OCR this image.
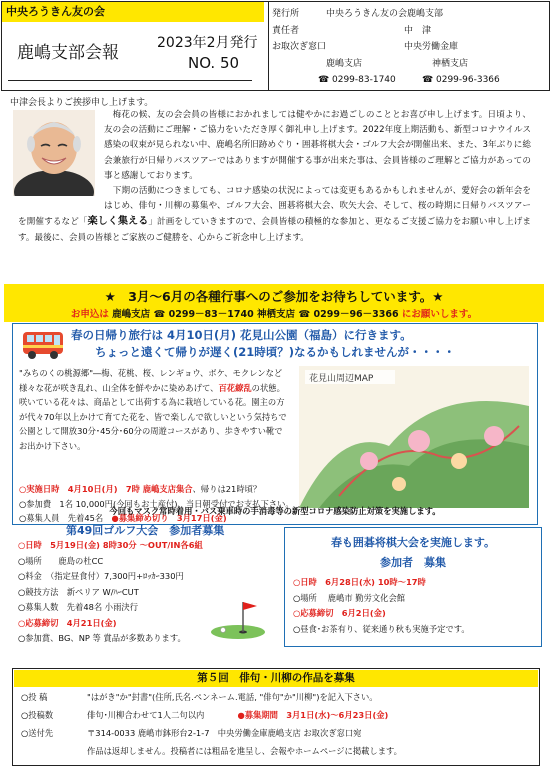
中央ろうきん友の会
鹿嶋支部会報	2023年2月発行
NO. 50
発行所	中央ろうきん友の会鹿嶋支部
責任者	中　津
お取次ぎ窓口	中央労働金庫
鹿嶋支店	神栖支店
☎ 0299-83-1740	☎ 0299-96-3366
中津会長よりご挨拶申し上げます。

梅花の候、友の会会員の皆様におかれましては健やかにお過ごしのこととお喜び申し上げます。日頃より、友の会の活動にご理解・ご協力をいただき厚く御礼申し上げます。2022年度上期活動も、新型コロナウイルス感染の収束が見られない中、鹿嶋名所旧跡めぐり・囲碁将棋大会・ゴルフ大会が開催出来、また、3年ぶりに総会兼旅行が日帰りバスツアーではありますが開催する事が出来た事は、会員皆様のご理解とご協力があっての事と感謝しております。

　下期の活動につきましても、コロナ感染の状況によっては変更もあるかもしれませんが、愛好会の新年会をはじめ、俳句・川柳の募集や、ゴルフ大会、囲碁将棋大会、吹矢大会、そして、桜の時期に日帰りバスツアーを開催するなど「楽しく集える」計画をしていきますので、会員皆様の積極的な参加と、更なるご支援ご協力をお願い申し上げます。最後に、会員の皆様とご家族のご健勝を、心からご祈念申し上げます。

★　3月～6月の各種行事へのご参加をお待ちしています。★
お申込は 鹿嶋支店 ☎ 0299－83－1740 神栖支店 ☎ 0299－96－3366 にお願いします。
春の日帰り旅行は 4月10日(月) 花見山公園（福島）に行きます。
ちょっと遠くて帰りが遅く(21時頃？)なるかもしれませんが・・・・

"みちのくの桃源郷"―梅、花桃、桜、レンギョウ、ボケ、モクレンなど様々な花が咲き乱れ、山全体を鮮やかに染めあげて、百花繚乱の状態。咲いている花々は、商品として出荷する為に栽培している花。園主の方が代々70年以上かけて育てた花を、皆で楽しんで欲しいという気持ちで公園として開放30分･45分･60分の周遊コースがあり、歩きやすい靴でお出かけ下さい。

花見山周辺MAP
○実施日時　 4月10日(月)　7時 鹿嶋支店集合、帰りは21時頃？
○参加費　1名 10,000円(今回もお土産付)、当日朝受付でお支払下さい。
○募集人員　先着45名　 ●募集締め切り　3月17日(金)
今回もマスク常時着用・バス乗車時の手消毒等の新型コロナ感染防止対策を実施します。
第49回ゴルフ大会　参加者募集
○日時　5月19日(金) 8時30分 ～OUT/IN各6組
○場所　　鹿島の杜CC
○料金　（指定昼食付）7,300円+ﾛｯｶｰ330円
○競技方法　新ペリア W/ﾊｰCUT
○募集人数　先着48名 小雨決行
○応募締切　4月21日(金)
○参加賞、BG、NP 等 賞品が多数あります。
春も囲碁将棋大会を実施します。
参加者　募集
○日時　6月28日(水) 10時～17時
○場所　 鹿嶋市 勤労文化会館
○応募締切　6月2日(金)
○昼食･お茶有り、従来通り秋も実施予定です。
第５回　俳句・川柳の作品を募集
○投 稿	"はがき"か"封書"(住所,氏名.ペンネーム.電話, "俳句"か"川柳")を記入下さい。
○投稿数	俳句･川柳合わせて1人二句以内　　　　	●募集期間　3月1日(水)～6月23日(金)
○送付先	〒314-0033 鹿嶋市鉢形台2-1-7　中央労働金庫鹿嶋支店 お取次ぎ窓口宛
作品は返却しません。投稿者には粗品を進呈し、会報やホームページに掲載します。
